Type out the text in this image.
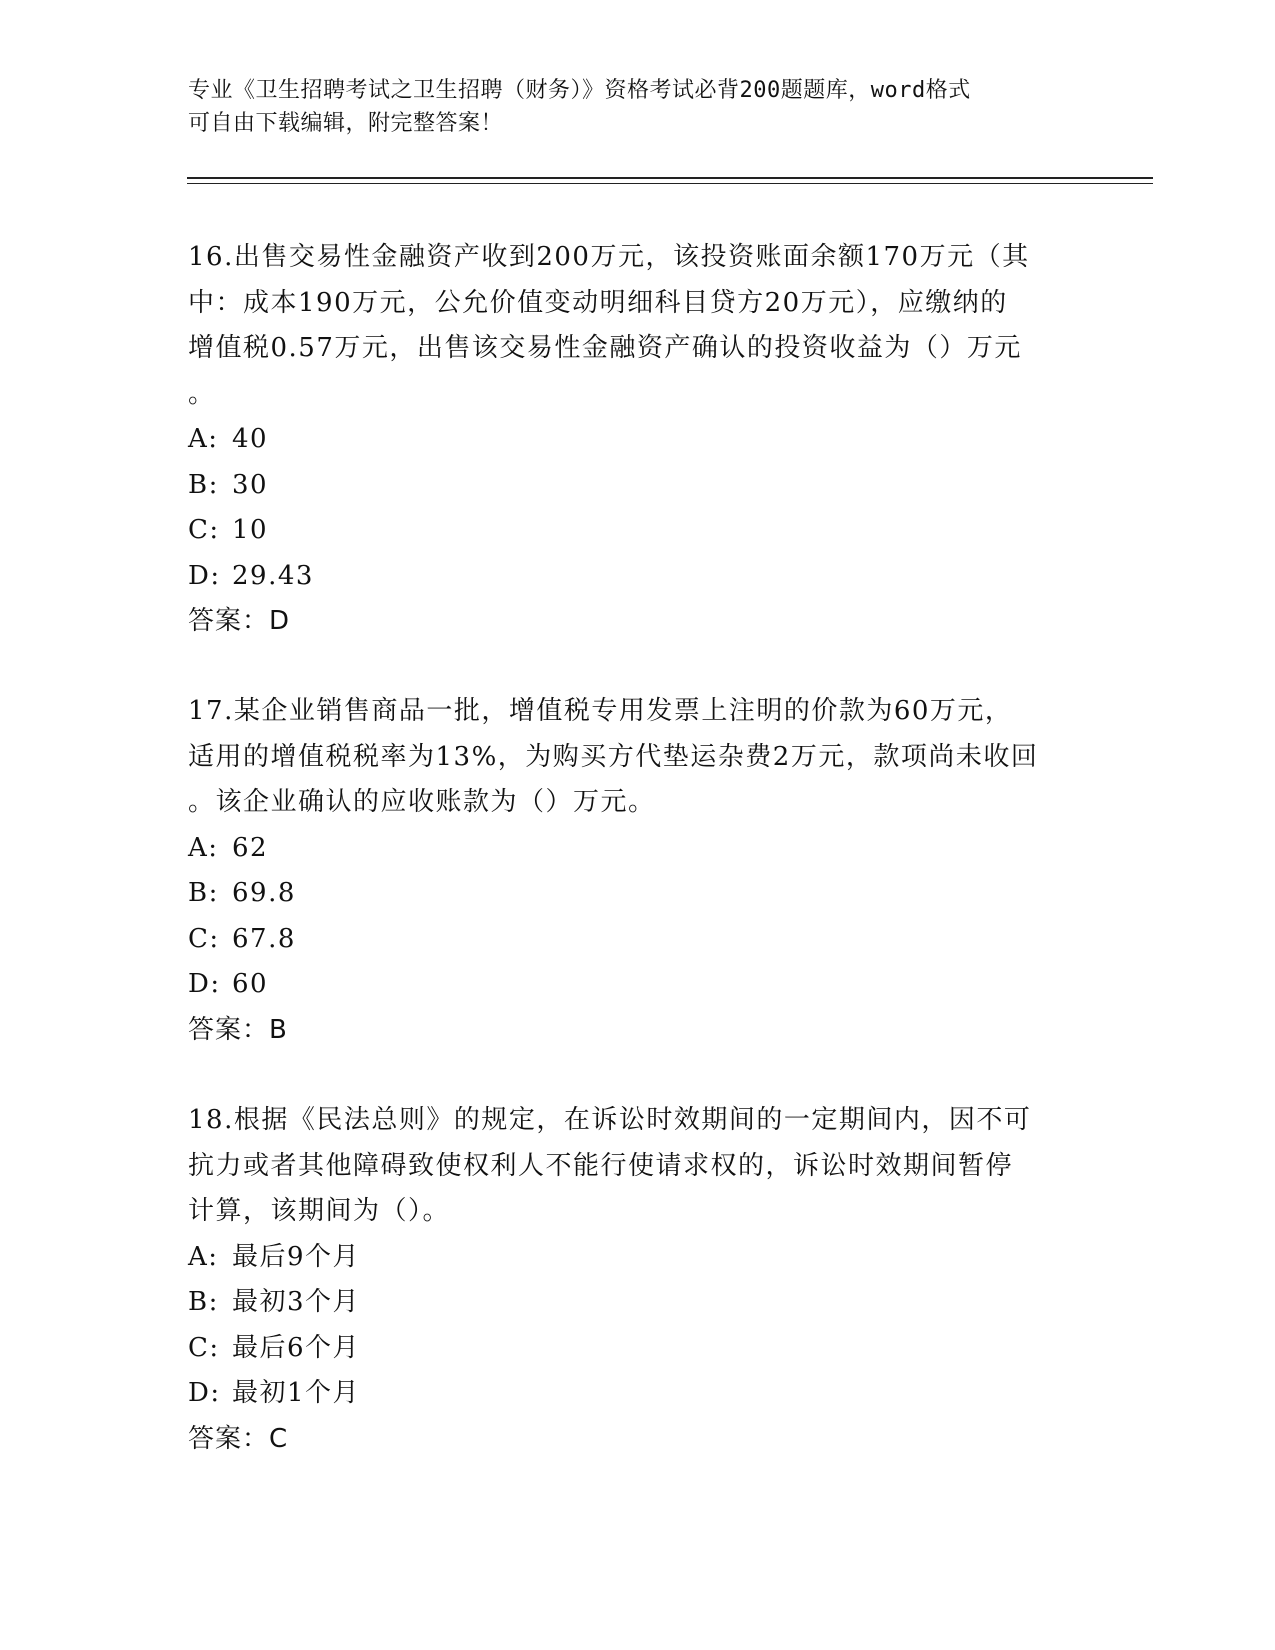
专业《卫生招聘考试之卫生招聘（财务）》资格考试必背200题题库，word格式
可自由下载编辑，附完整答案！
16.出售交易性金融资产收到200万元，该投资账面余额170万元（其
中：成本190万元，公允价值变动明细科目贷方20万元），应缴纳的
增值税0.57万元，出售该交易性金融资产确认的投资收益为（）万元
。
A: 40
B: 30
C: 10
D: 29.43
答案：D
17.某企业销售商品一批，增值税专用发票上注明的价款为60万元，
适用的增值税税率为13%，为购买方代垫运杂费2万元，款项尚未收回
。该企业确认的应收账款为（）万元。
A: 62
B: 69.8
C: 67.8
D: 60
答案：B
18.根据《民法总则》的规定，在诉讼时效期间的一定期间内，因不可
抗力或者其他障碍致使权利人不能行使请求权的，诉讼时效期间暂停
计算，该期间为（）。
A: 最后9个月
B: 最初3个月
C: 最后6个月
D: 最初1个月
答案：C
